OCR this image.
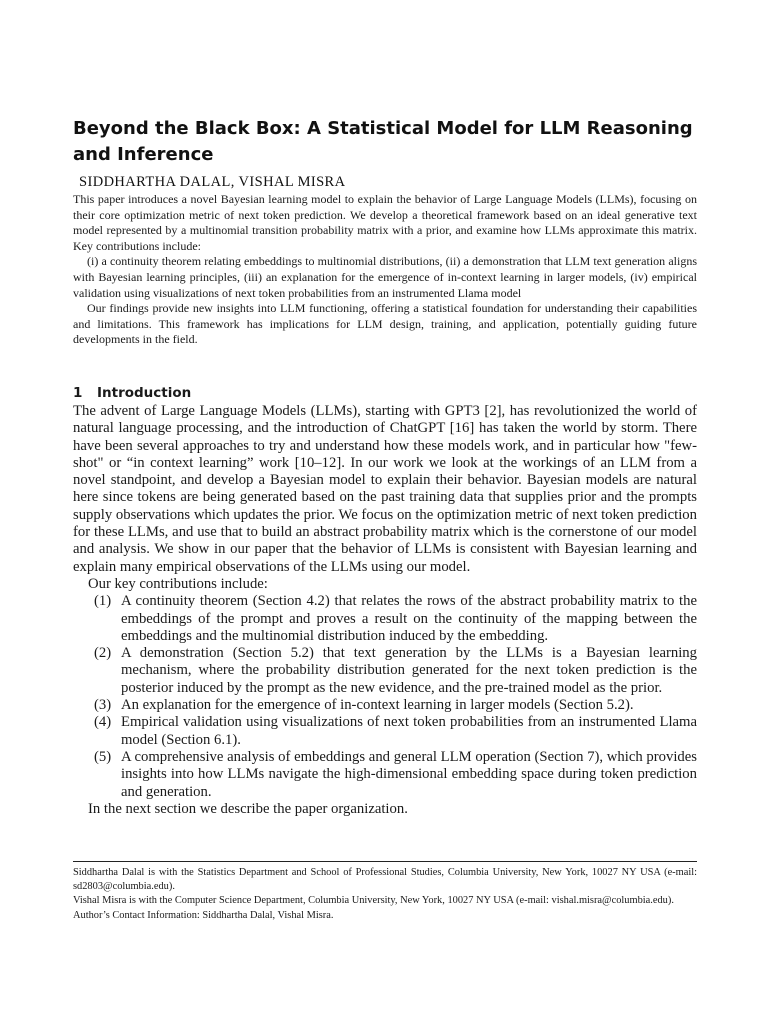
Beyond the Black Box: A Statistical Model for LLM Reasoning and Inference
SIDDHARTHA DALAL, VISHAL MISRA

This paper introduces a novel Bayesian learning model to explain the behavior of Large Language Models (LLMs), focusing on their core optimization metric of next token prediction. We develop a theoretical framework based on an ideal generative text model represented by a multinomial transition probability matrix with a prior, and examine how LLMs approximate this matrix. Key contributions include:

(i) a continuity theorem relating embeddings to multinomial distributions, (ii) a demonstration that LLM text generation aligns with Bayesian learning principles, (iii) an explanation for the emergence of in-context learning in larger models, (iv) empirical validation using visualizations of next token probabilities from an instrumented Llama model

Our findings provide new insights into LLM functioning, offering a statistical foundation for understanding their capabilities and limitations. This framework has implications for LLM design, training, and application, potentially guiding future developments in the field.

1 Introduction

The advent of Large Language Models (LLMs), starting with GPT3 [2], has revolutionized the world of natural language processing, and the introduction of ChatGPT [16] has taken the world by storm. There have been several approaches to try and understand how these models work, and in particular how "few-shot" or “in context learning” work [10–12]. In our work we look at the workings of an LLM from a novel standpoint, and develop a Bayesian model to explain their behavior. Bayesian models are natural here since tokens are being generated based on the past training data that supplies prior and the prompts supply observations which updates the prior. We focus on the optimization metric of next token prediction for these LLMs, and use that to build an abstract probability matrix which is the cornerstone of our model and analysis. We show in our paper that the behavior of LLMs is consistent with Bayesian learning and explain many empirical observations of the LLMs using our model.

Our key contributions include:

(1) A continuity theorem (Section 4.2) that relates the rows of the abstract probability matrix to the embeddings of the prompt and proves a result on the continuity of the mapping between the embeddings and the multinomial distribution induced by the embedding.
(2) A demonstration (Section 5.2) that text generation by the LLMs is a Bayesian learning mechanism, where the probability distribution generated for the next token prediction is the posterior induced by the prompt as the new evidence, and the pre-trained model as the prior.
(3) An explanation for the emergence of in-context learning in larger models (Section 5.2).
(4) Empirical validation using visualizations of next token probabilities from an instrumented Llama model (Section 6.1).
(5) A comprehensive analysis of embeddings and general LLM operation (Section 7), which provides insights into how LLMs navigate the high-dimensional embedding space during token prediction and generation.

In the next section we describe the paper organization.

Siddhartha Dalal is with the Statistics Department and School of Professional Studies, Columbia University, New York, 10027 NY USA (e-mail: sd2803@columbia.edu).

Vishal Misra is with the Computer Science Department, Columbia University, New York, 10027 NY USA (e-mail: vishal.misra@columbia.edu).

Author’s Contact Information: Siddhartha Dalal, Vishal Misra.
